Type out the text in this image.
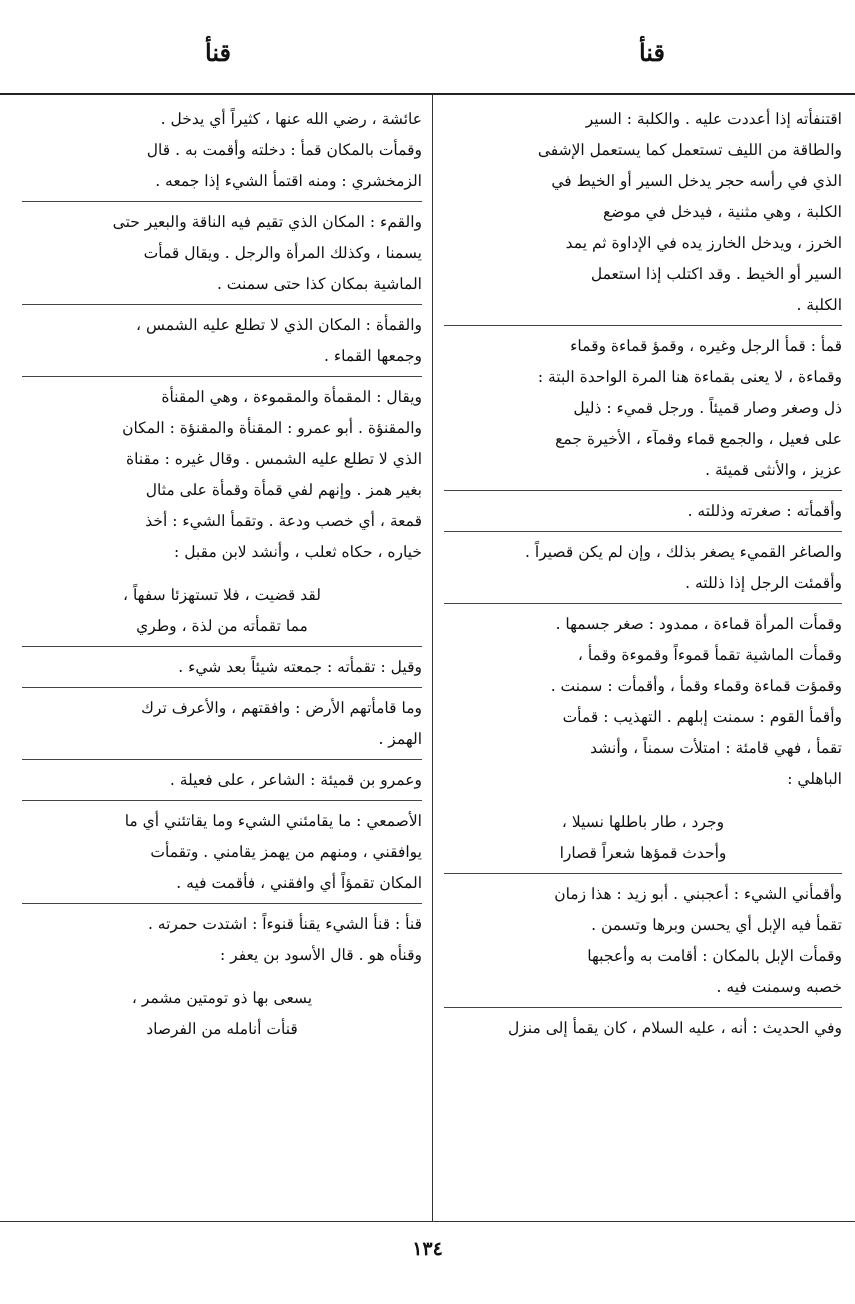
قنأ
قنأ

اقتنفأته إذا أعددت عليه . والكلبة : السير

والطاقة من الليف تستعمل كما يستعمل الإشفى

الذي في رأسه حجر يدخل السير أو الخيط في

الكلبة ، وهي مثنية ، فيدخل في موضع

الخرز ، ويدخل الخارز يده في الإداوة ثم يمد

السير أو الخيط . وقد اكتلب إذا استعمل

الكلبة .

قمأ : قمأ الرجل وغيره ، وقمؤ قماءة وقماء

وقماءة ، لا يعنى بقماءة هنا المرة الواحدة البتة :

ذل وصغر وصار قميئاً . ورجل قميء : ذليل

على فعيل ، والجمع قماء وقمآء ، الأخيرة جمع

عزيز ، والأنثى قميئة .

وأقمأته : صغرته وذللته .

والصاغر القميء يصغر بذلك ، وإن لم يكن قصيراً .

وأقمئت الرجل إذا ذللته .

وقمأت المرأة قماءة ، ممدود : صغر جسمها .

وقمأت الماشية تقمأ قموءاً وقموءة وقمأ ،

وقمؤت قماءة وقماء وقمأ ، وأقمأت : سمنت .

وأقمأ القوم : سمنت إبلهم . التهذيب : قمأت

تقمأ ، فهي قامئة : امتلأت سمناً ، وأنشد

الباهلي :

وجرد ، طار باطلها نسيلا ،

وأحدث قمؤها شعراً قصارا

وأقمأني الشيء : أعجبني . أبو زيد : هذا زمان

تقمأ فيه الإبل أي يحسن وبرها وتسمن .

وقمأت الإبل بالمكان : أقامت به وأعجبها

خصبه وسمنت فيه .

وفي الحديث : أنه ، عليه السلام ، كان يقمأ إلى منزل

عائشة ، رضي الله عنها ، كثيراً أي يدخل .

وقمأت بالمكان قمأ : دخلته وأقمت به . قال

الزمخشري : ومنه اقتمأ الشيء إذا جمعه .

والقمء : المكان الذي تقيم فيه الناقة والبعير حتى

يسمنا ، وكذلك المرأة والرجل . ويقال قمأت

الماشية بمكان كذا حتى سمنت .

والقمأة : المكان الذي لا تطلع عليه الشمس ،

وجمعها القماء .

ويقال : المقمأة والمقموءة ، وهي المقنأة

والمقنؤة . أبو عمرو : المقنأة والمقنؤة : المكان

الذي لا تطلع عليه الشمس . وقال غيره : مقناة

بغير همز . وإنهم لفي قمأة وقمأة على مثال

قمعة ، أي خصب ودعة . وتقمأ الشيء : أخذ

خياره ، حكاه ثعلب ، وأنشد لابن مقبل :

لقد قضيت ، فلا تستهزئا سفهاً ،

مما تقمأته من لذة ، وطري

وقيل : تقمأته : جمعته شيئاً بعد شيء .

وما قامأتهم الأرض : وافقتهم ، والأعرف ترك

الهمز .

وعمرو بن قميئة : الشاعر ، على فعيلة .

الأصمعي : ما يقامئني الشيء وما يقاتئني أي ما

يوافقني ، ومنهم من يهمز يقامني . وتقمأت

المكان تقمؤاً أي وافقني ، فأقمت فيه .

قنأ : قنأ الشيء يقنأ قنوءاً : اشتدت حمرته .

وقنأه هو . قال الأسود بن يعفر :

يسعى بها ذو تومتين مشمر ،

قنأت أنامله من الفرصاد

١٣٤
